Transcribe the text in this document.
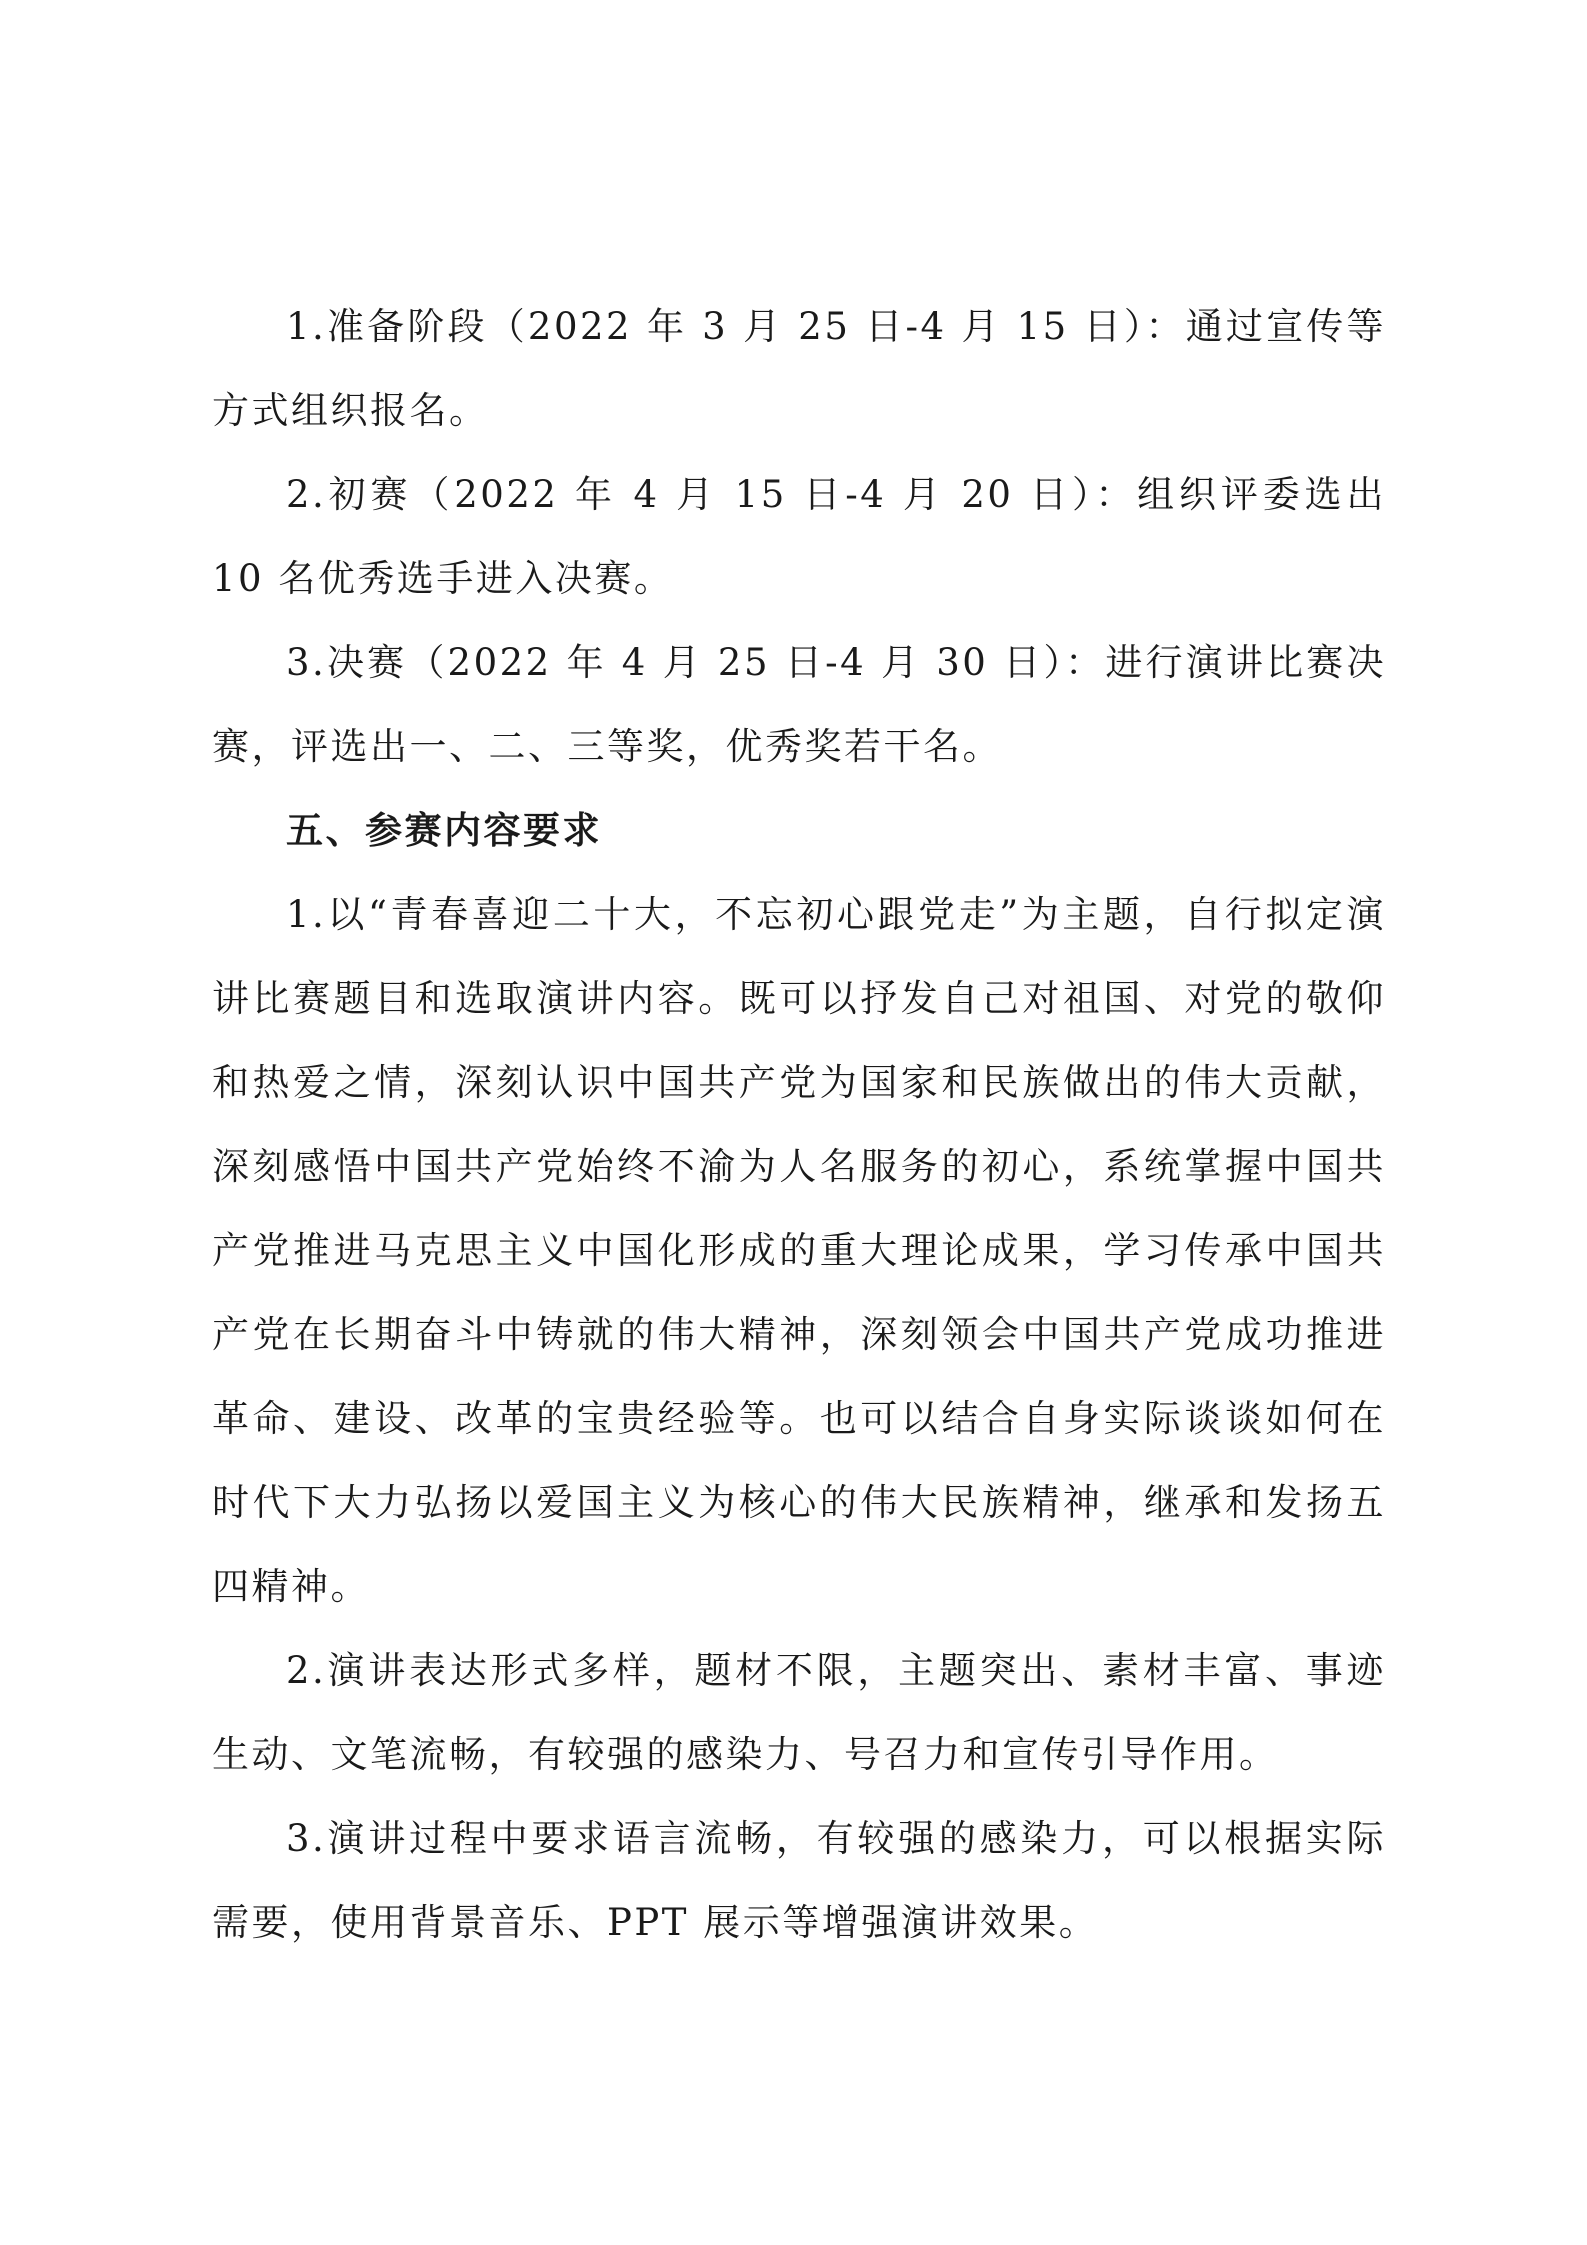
1.准备阶段（2022 年 3 月 25 日-4 月 15 日）：通过宣传等方式组织报名。

2.初赛（2022 年 4 月 15 日-4 月 20 日）：组织评委选出 10 名优秀选手进入决赛。

3.决赛（2022 年 4 月 25 日-4 月 30 日）：进行演讲比赛决赛，评选出一、二、三等奖，优秀奖若干名。

五、参赛内容要求

1.以“青春喜迎二十大，不忘初心跟党走”为主题，自行拟定演讲比赛题目和选取演讲内容。既可以抒发自己对祖国、对党的敬仰和热爱之情，深刻认识中国共产党为国家和民族做出的伟大贡献，深刻感悟中国共产党始终不渝为人名服务的初心，系统掌握中国共产党推进马克思主义中国化形成的重大理论成果，学习传承中国共产党在长期奋斗中铸就的伟大精神，深刻领会中国共产党成功推进革命、建设、改革的宝贵经验等。也可以结合自身实际谈谈如何在时代下大力弘扬以爱国主义为核心的伟大民族精神，继承和发扬五四精神。

2.演讲表达形式多样，题材不限，主题突出、素材丰富、事迹生动、文笔流畅，有较强的感染力、号召力和宣传引导作用。

3.演讲过程中要求语言流畅，有较强的感染力，可以根据实际需要，使用背景音乐、PPT 展示等增强演讲效果。
